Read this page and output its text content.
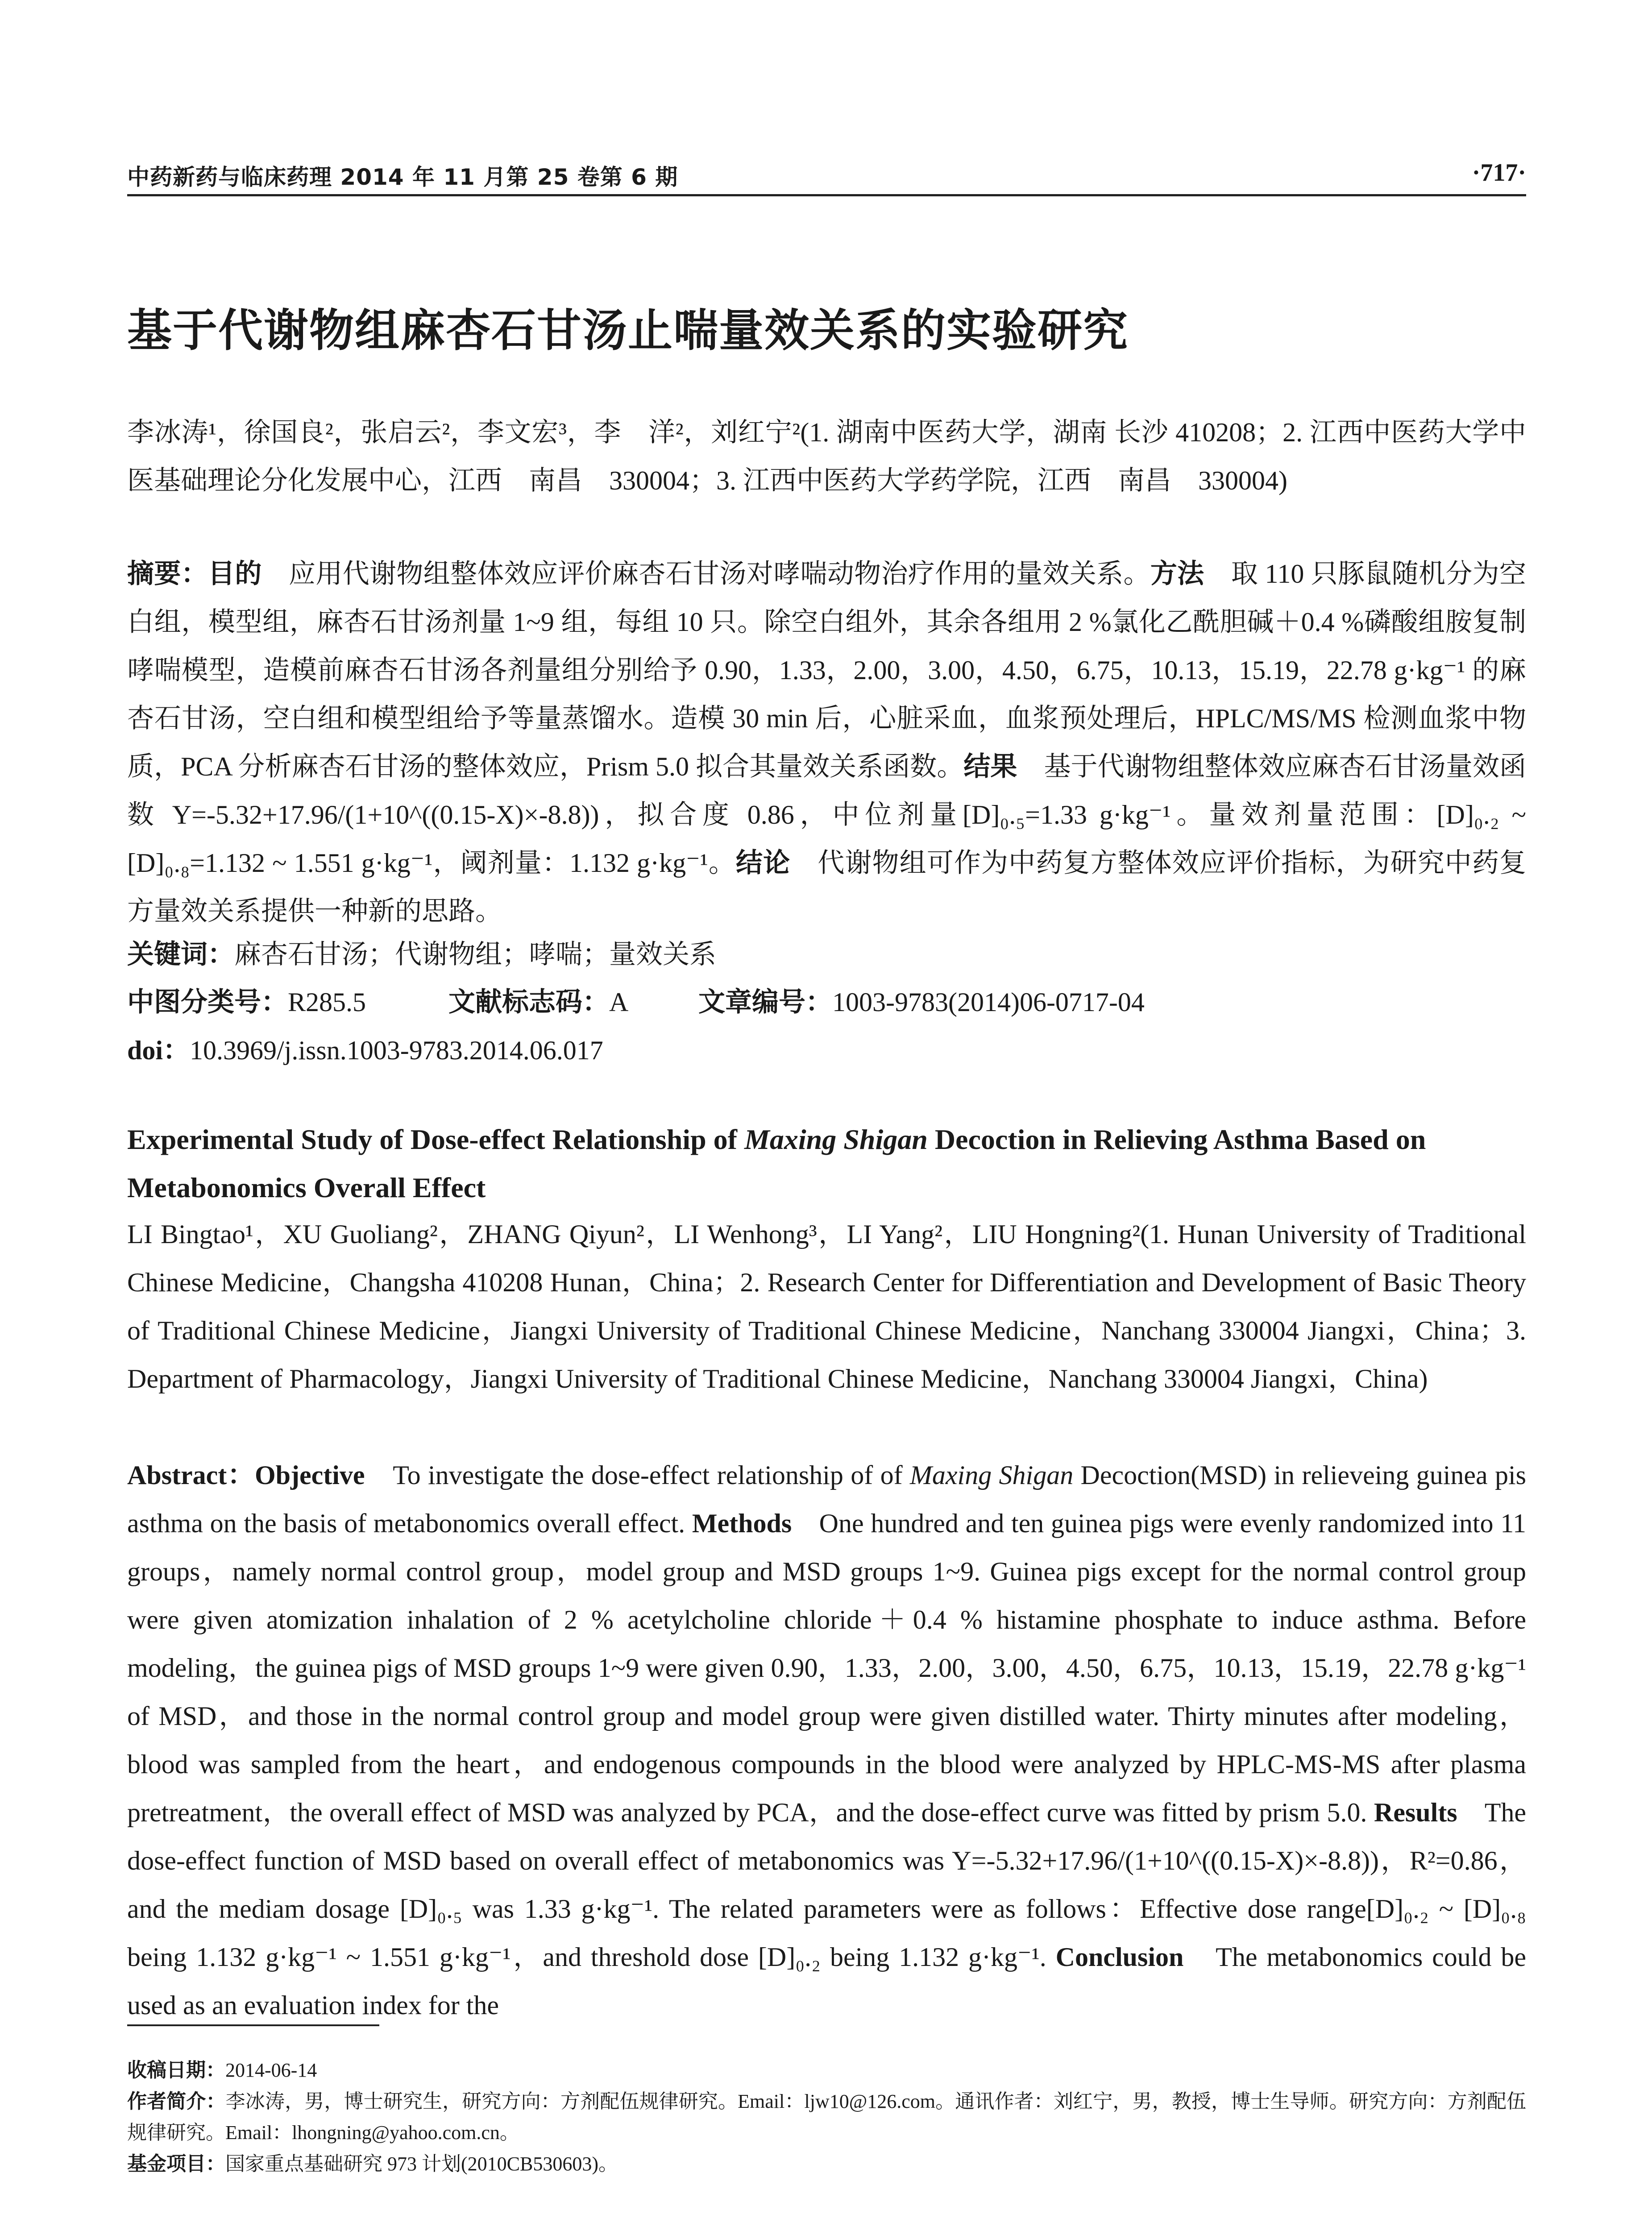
中药新药与临床药理 2014 年 11 月第 25 卷第 6 期	·717·
基于代谢物组麻杏石甘汤止喘量效关系的实验研究
李冰涛¹，徐国良²，张启云²，李文宏³，李　洋²，刘红宁²(1. 湖南中医药大学，湖南 长沙 410208；2. 江西中医药大学中医基础理论分化发展中心，江西　南昌　330004；3. 江西中医药大学药学院，江西　南昌　330004)
摘要：目的　应用代谢物组整体效应评价麻杏石甘汤对哮喘动物治疗作用的量效关系。方法　取 110 只豚鼠随机分为空白组，模型组，麻杏石甘汤剂量 1~9 组，每组 10 只。除空白组外，其余各组用 2 %氯化乙酰胆碱＋0.4 %磷酸组胺复制哮喘模型，造模前麻杏石甘汤各剂量组分别给予 0.90，1.33，2.00，3.00，4.50，6.75，10.13，15.19，22.78 g·kg⁻¹ 的麻杏石甘汤，空白组和模型组给予等量蒸馏水。造模 30 min 后，心脏采血，血浆预处理后，HPLC/MS/MS 检测血浆中物质，PCA 分析麻杏石甘汤的整体效应，Prism 5.0 拟合其量效关系函数。结果　基于代谢物组整体效应麻杏石甘汤量效函数 Y=-5.32+17.96/(1+10^((0.15-X)×-8.8))，拟合度 0.86，中位剂量[D]₀.₅=1.33 g·kg⁻¹。量效剂量范围：[D]₀.₂ ~ [D]₀.₈=1.132 ~ 1.551 g·kg⁻¹，阈剂量：1.132 g·kg⁻¹。结论　代谢物组可作为中药复方整体效应评价指标，为研究中药复方量效关系提供一种新的思路。
关键词：麻杏石甘汤；代谢物组；哮喘；量效关系
中图分类号：R285.5	文献标志码：A	文章编号：1003-9783(2014)06-0717-04
doi：10.3969/j.issn.1003-9783.2014.06.017
Experimental Study of Dose-effect Relationship of Maxing Shigan Decoction in Relieving Asthma Based on Metabonomics Overall Effect
LI Bingtao¹，XU Guoliang²，ZHANG Qiyun²，LI Wenhong³，LI Yang²，LIU Hongning²(1. Hunan University of Traditional Chinese Medicine，Changsha 410208 Hunan，China；2. Research Center for Differentiation and Development of Basic Theory of Traditional Chinese Medicine，Jiangxi University of Traditional Chinese Medicine，Nanchang 330004 Jiangxi，China；3. Department of Pharmacology，Jiangxi University of Traditional Chinese Medicine，Nanchang 330004 Jiangxi，China)
Abstract：Objective　To investigate the dose-effect relationship of of Maxing Shigan Decoction(MSD) in relieveing guinea pis asthma on the basis of metabonomics overall effect. Methods　One hundred and ten guinea pigs were evenly randomized into 11 groups，namely normal control group，model group and MSD groups 1~9. Guinea pigs except for the normal control group were given atomization inhalation of 2 % acetylcholine chloride＋0.4 % histamine phosphate to induce asthma. Before modeling，the guinea pigs of MSD groups 1~9 were given 0.90，1.33，2.00，3.00，4.50，6.75，10.13，15.19，22.78 g·kg⁻¹ of MSD，and those in the normal control group and model group were given distilled water. Thirty minutes after modeling，blood was sampled from the heart，and endogenous compounds in the blood were analyzed by HPLC-MS-MS after plasma pretreatment，the overall effect of MSD was analyzed by PCA，and the dose-effect curve was fitted by prism 5.0. Results　The dose-effect function of MSD based on overall effect of metabonomics was Y=-5.32+17.96/(1+10^((0.15-X)×-8.8))，R²=0.86，and the mediam dosage [D]₀.₅ was 1.33 g·kg⁻¹. The related parameters were as follows：Effective dose range[D]₀.₂ ~ [D]₀.₈ being 1.132 g·kg⁻¹ ~ 1.551 g·kg⁻¹，and threshold dose [D]₀.₂ being 1.132 g·kg⁻¹. Conclusion　The metabonomics could be used as an evaluation index for the
收稿日期：2014-06-14
作者简介：李冰涛，男，博士研究生，研究方向：方剂配伍规律研究。Email：ljw10@126.com。通讯作者：刘红宁，男，教授，博士生导师。研究方向：方剂配伍规律研究。Email：lhongning@yahoo.com.cn。
基金项目：国家重点基础研究 973 计划(2010CB530603)。
